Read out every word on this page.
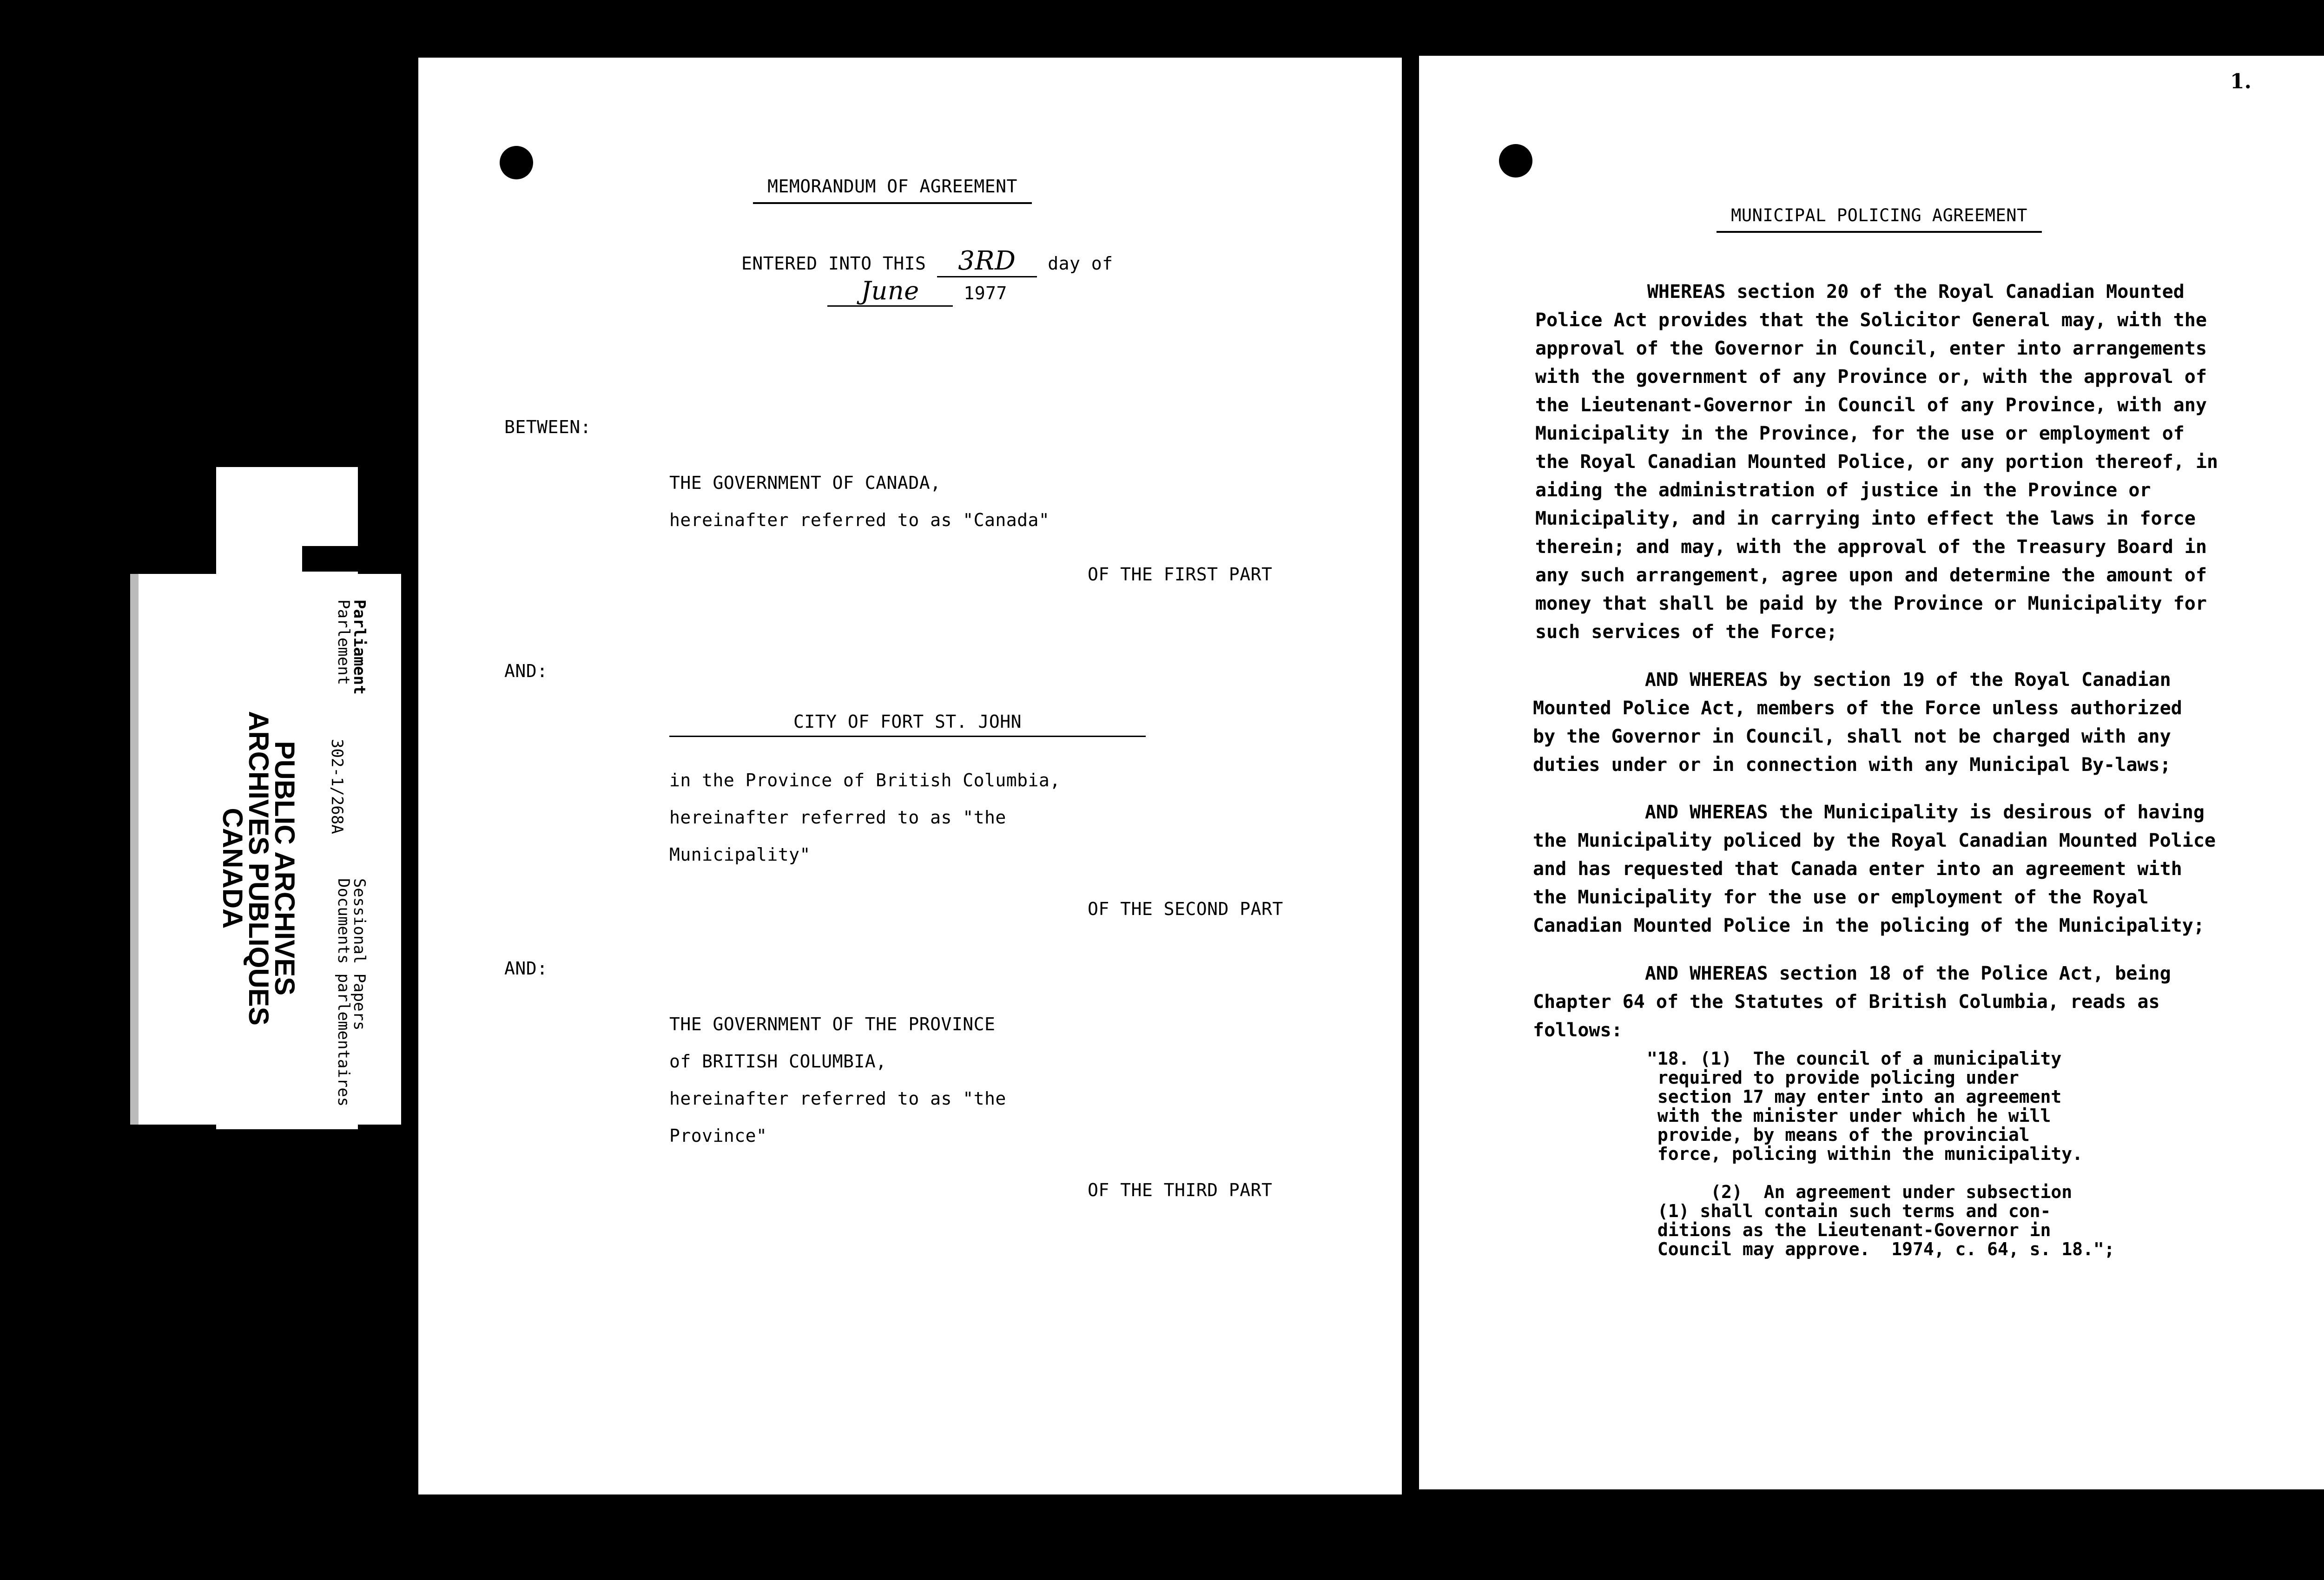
PUBLIC ARCHIVES
ARCHIVES PUBLIQUES
CANADA
Parliament
Parlement
302-1/268A
Sessional Papers
Documents parlementaires
MEMORANDUM OF AGREEMENT
ENTERED INTO THIS 3RD day of
June	1977
BETWEEN:
THE GOVERNMENT OF CANADA,
hereinafter referred to as "Canada"
OF THE FIRST PART
AND:
CITY OF FORT ST. JOHN
in the Province of British Columbia,
hereinafter referred to as "the
Municipality"
OF THE SECOND PART
AND:
THE GOVERNMENT OF THE PROVINCE
of BRITISH COLUMBIA,
hereinafter referred to as "the
Province"
OF THE THIRD PART
1.
MUNICIPAL POLICING AGREEMENT
WHEREAS section 20 of the Royal Canadian Mounted
Police Act provides that the Solicitor General may, with the
approval of the Governor in Council, enter into arrangements
with the government of any Province or, with the approval of
the Lieutenant-Governor in Council of any Province, with any
Municipality in the Province, for the use or employment of
the Royal Canadian Mounted Police, or any portion thereof, in
aiding the administration of justice in the Province or
Municipality, and in carrying into effect the laws in force
therein; and may, with the approval of the Treasury Board in
any such arrangement, agree upon and determine the amount of
money that shall be paid by the Province or Municipality for
such services of the Force;
AND WHEREAS by section 19 of the Royal Canadian
Mounted Police Act, members of the Force unless authorized
by the Governor in Council, shall not be charged with any
duties under or in connection with any Municipal By-laws;
AND WHEREAS the Municipality is desirous of having
the Municipality policed by the Royal Canadian Mounted Police
and has requested that Canada enter into an agreement with
the Municipality for the use or employment of the Royal
Canadian Mounted Police in the policing of the Municipality;
AND WHEREAS section 18 of the Police Act, being
Chapter 64 of the Statutes of British Columbia, reads as
follows:
"18. (1)  The council of a municipality
required to provide policing under
section 17 may enter into an agreement
with the minister under which he will
provide, by means of the provincial
force, policing within the municipality.
(2)  An agreement under subsection
(1) shall contain such terms and con-
ditions as the Lieutenant-Governor in
Council may approve.  1974, c. 64, s. 18.";
